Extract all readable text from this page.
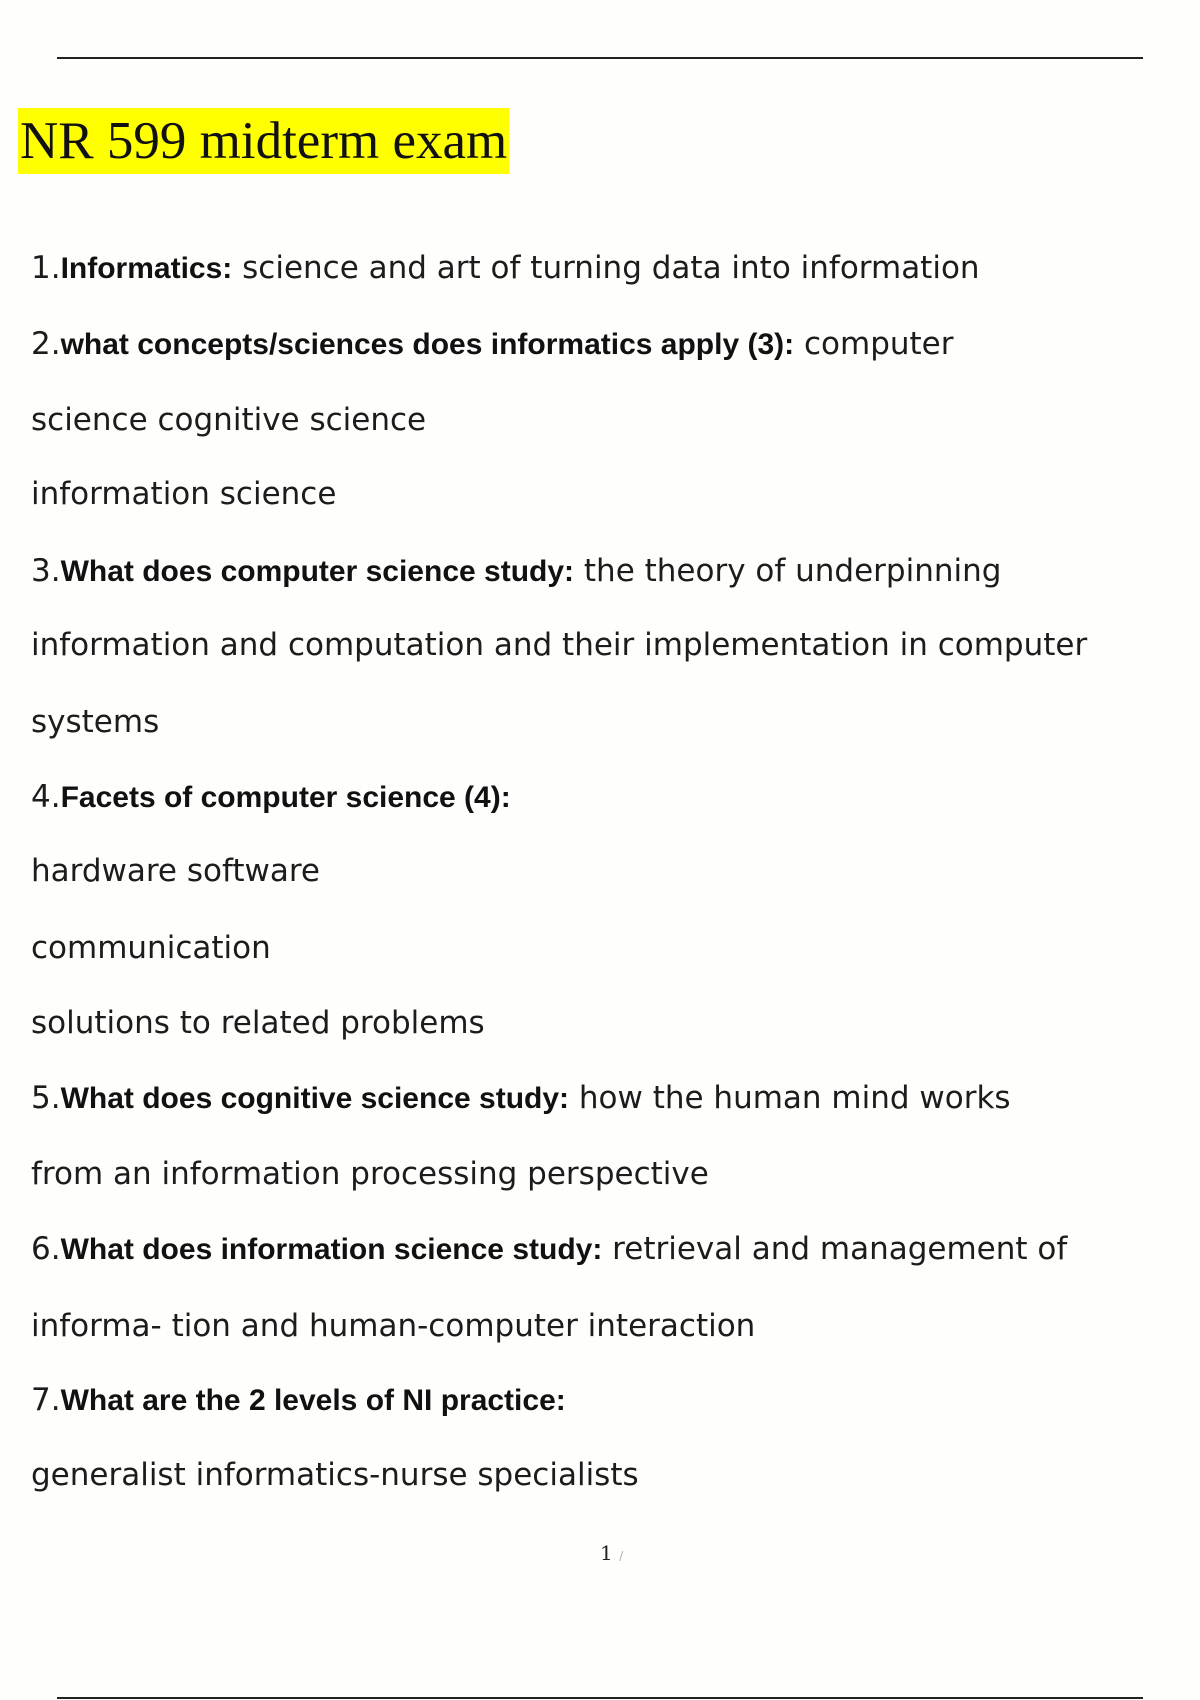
NR 599 midterm exam
1.Informatics: science and art of turning data into information
2.what concepts/sciences does informatics apply (3): computer
science cognitive science
information science
3.What does computer science study: the theory of underpinning
information and computation and their implementation in computer
systems
4.Facets of computer science (4):
hardware software
communication
solutions to related problems
5.What does cognitive science study: how the human mind works
from an information processing perspective
6.What does information science study: retrieval and management of
informa- tion and human-computer interaction
7.What are the 2 levels of NI practice:
generalist informatics-nurse specialists
1 /
